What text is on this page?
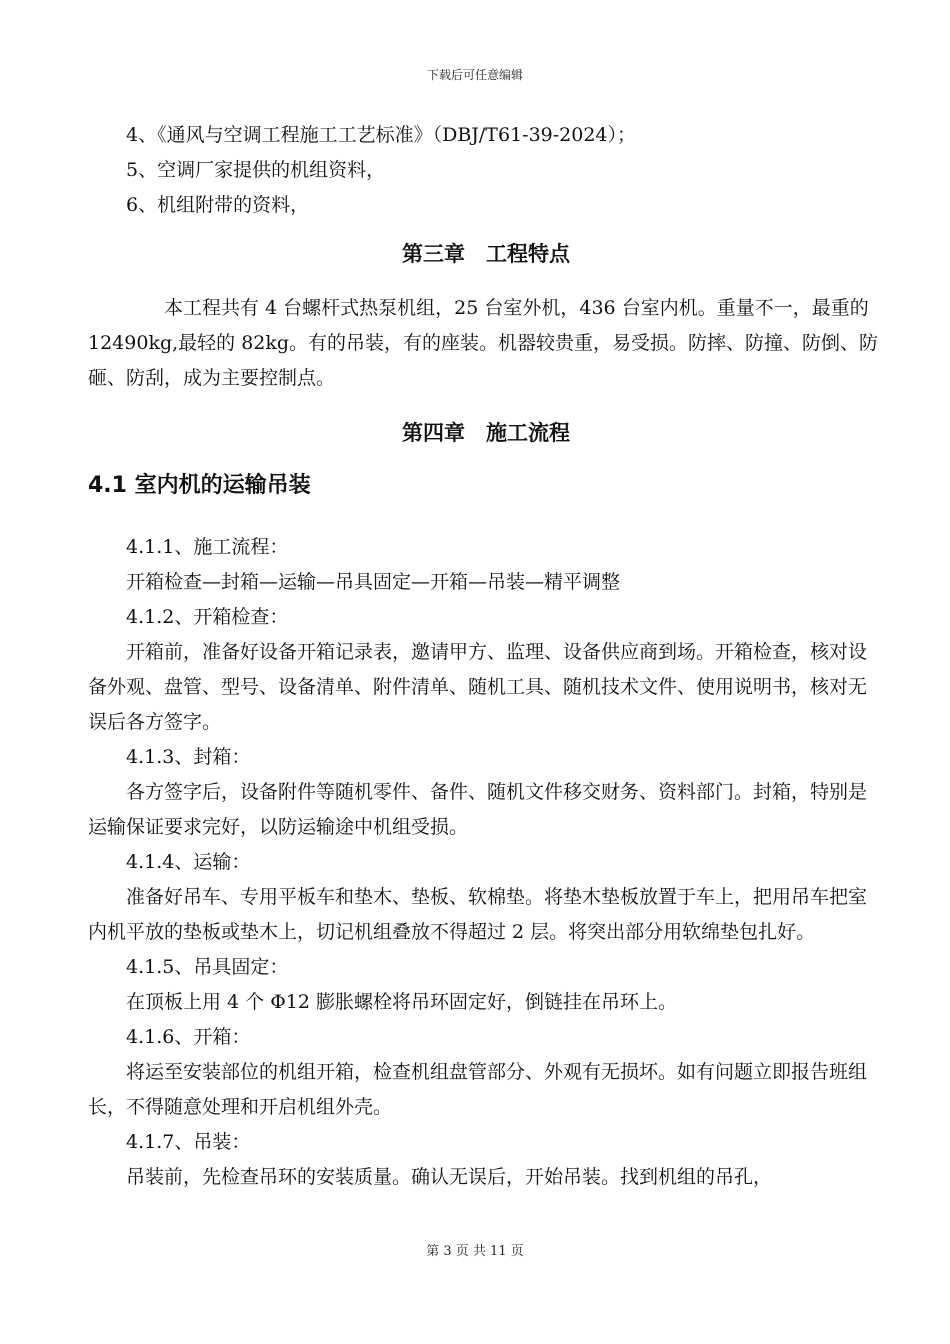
下载后可任意编辑

4、《通风与空调工程施工工艺标准》（DBJ/T61-39-2024）；

5、空调厂家提供的机组资料，

6、机组附带的资料，

第三章　工程特点

本工程共有 4 台螺杆式热泵机组，25 台室外机，436 台室内机。重量不一，最重的 12490kg,最轻的 82kg。有的吊装，有的座装。机器较贵重，易受损。防摔、防撞、防倒、防砸、防刮，成为主要控制点。

第四章　施工流程

4.1 室内机的运输吊装

4.1.1、施工流程：

开箱检查—封箱—运输—吊具固定—开箱—吊装—精平调整

4.1.2、开箱检查：

开箱前，准备好设备开箱记录表，邀请甲方、监理、设备供应商到场。开箱检查，核对设备外观、盘管、型号、设备清单、附件清单、随机工具、随机技术文件、使用说明书，核对无误后各方签字。

4.1.3、封箱：

各方签字后，设备附件等随机零件、备件、随机文件移交财务、资料部门。封箱，特别是运输保证要求完好，以防运输途中机组受损。

4.1.4、运输：

准备好吊车、专用平板车和垫木、垫板、软棉垫。将垫木垫板放置于车上，把用吊车把室内机平放的垫板或垫木上，切记机组叠放不得超过 2 层。将突出部分用软绵垫包扎好。

4.1.5、吊具固定：

在顶板上用 4 个 Φ12 膨胀螺栓将吊环固定好，倒链挂在吊环上。

4.1.6、开箱：

将运至安装部位的机组开箱，检查机组盘管部分、外观有无损坏。如有问题立即报告班组长，不得随意处理和开启机组外壳。

4.1.7、吊装：

吊装前，先检查吊环的安装质量。确认无误后，开始吊装。找到机组的吊孔，

第 3 页 共 11 页
